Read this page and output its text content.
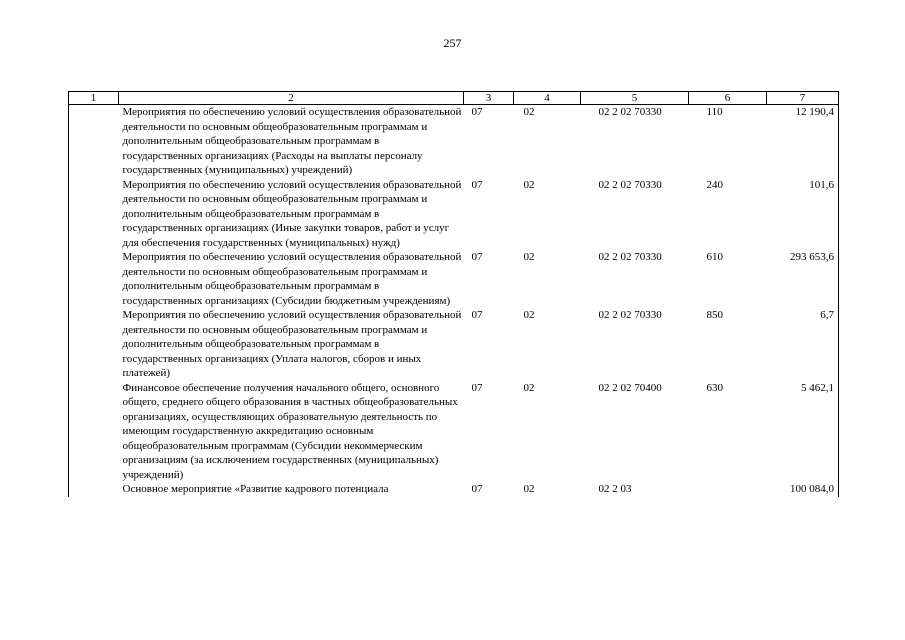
257
1	2	3	4	5	6	7
	Мероприятия по обеспечению условий осуществления образовательной деятельности по основным общеобразовательным программам и дополнительным общеобразовательным программам в государственных организациях (Расходы на выплаты персоналу государственных (муниципальных) учреждений)	07	02	02 2 02 70330	110	12 190,4
	Мероприятия по обеспечению условий осуществления образовательной деятельности по основным общеобразовательным программам и дополнительным общеобразовательным программам в государственных организациях (Иные закупки товаров, работ и услуг для обеспечения государственных (муниципальных) нужд)	07	02	02 2 02 70330	240	101,6
	Мероприятия по обеспечению условий осуществления образовательной деятельности по основным общеобразовательным программам и дополнительным общеобразовательным программам в государственных организациях (Субсидии бюджетным учреждениям)	07	02	02 2 02 70330	610	293 653,6
	Мероприятия по обеспечению условий осуществления образовательной деятельности по основным общеобразовательным программам и дополнительным общеобразовательным программам в государственных организациях (Уплата налогов, сборов и иных платежей)	07	02	02 2 02 70330	850	6,7
	Финансовое обеспечение получения начального общего, основного общего, среднего общего образования в частных общеобразовательных организациях, осуществляющих образовательную деятельность по имеющим государственную аккредитацию основным общеобразовательным программам (Субсидии некоммерческим организациям (за исключением государственных (муниципальных) учреждений)	07	02	02 2 02 70400	630	5 462,1
	Основное мероприятие «Развитие кадрового потенциала	07	02	02 2 03		100 084,0
